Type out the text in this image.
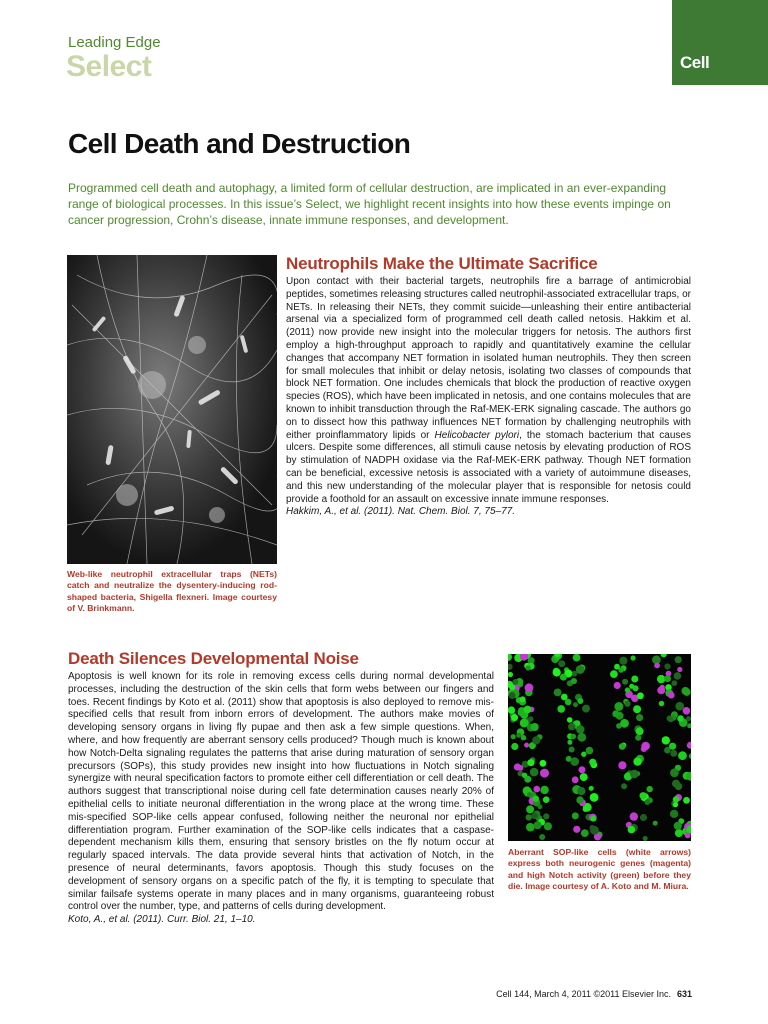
Leading Edge
Select	Cell
Cell Death and Destruction
Programmed cell death and autophagy, a limited form of cellular destruction, are implicated in an ever-expanding range of biological processes. In this issue’s Select, we highlight recent insights into how these events impinge on cancer progression, Crohn’s disease, innate immune responses, and development.
Web-like neutrophil extracellular traps (NETs) catch and neutralize the dysentery-inducing rod-shaped bacteria, Shigella flexneri. Image courtesy of V. Brinkmann.
Neutrophils Make the Ultimate Sacrifice

Upon contact with their bacterial targets, neutrophils fire a barrage of antimicrobial peptides, sometimes releasing structures called neutrophil-associated extracellular traps, or NETs. In releasing their NETs, they commit suicide—unleashing their entire antibacterial arsenal via a specialized form of programmed cell death called netosis. Hakkim et al. (2011) now provide new insight into the molecular triggers for netosis. The authors first employ a high-throughput approach to rapidly and quantitatively examine the cellular changes that accompany NET formation in isolated human neutrophils. They then screen for small molecules that inhibit or delay netosis, isolating two classes of compounds that block NET formation. One includes chemicals that block the production of reactive oxygen species (ROS), which have been implicated in netosis, and one contains molecules that are known to inhibit transduction through the Raf-MEK-ERK signaling cascade. The authors go on to dissect how this pathway influences NET formation by challenging neutrophils with either proinflammatory lipids or Helicobacter pylori, the stomach bacterium that causes ulcers. Despite some differences, all stimuli cause netosis by elevating production of ROS by stimulation of NADPH oxidase via the Raf-MEK-ERK pathway. Though NET formation can be beneficial, excessive netosis is associated with a variety of autoimmune diseases, and this new understanding of the molecular player that is responsible for netosis could provide a foothold for an assault on excessive innate immune responses.

Hakkim, A., et al. (2011). Nat. Chem. Biol. 7, 75–77.

Death Silences Developmental Noise

Apoptosis is well known for its role in removing excess cells during normal developmental processes, including the destruction of the skin cells that form webs between our fingers and toes. Recent findings by Koto et al. (2011) show that apoptosis is also deployed to remove mis-specified cells that result from inborn errors of development. The authors make movies of developing sensory organs in living fly pupae and then ask a few simple questions. When, where, and how frequently are aberrant sensory cells produced? Though much is known about how Notch-Delta signaling regulates the patterns that arise during maturation of sensory organ precursors (SOPs), this study provides new insight into how fluctuations in Notch signaling synergize with neural specification factors to promote either cell differentiation or cell death. The authors suggest that transcriptional noise during cell fate determination causes nearly 20% of epithelial cells to initiate neuronal differentiation in the wrong place at the wrong time. These mis-specified SOP-like cells appear confused, following neither the neuronal nor epithelial differentiation program. Further examination of the SOP-like cells indicates that a caspase-dependent mechanism kills them, ensuring that sensory bristles on the fly notum occur at regularly spaced intervals. The data provide several hints that activation of Notch, in the presence of neural determinants, favors apoptosis. Though this study focuses on the development of sensory organs on a specific patch of the fly, it is tempting to speculate that similar failsafe systems operate in many places and in many organisms, guaranteeing robust control over the number, type, and patterns of cells during development.

Koto, A., et al. (2011). Curr. Biol. 21, 1–10.

Aberrant SOP-like cells (white arrows) express both neurogenic genes (magenta) and high Notch activity (green) before they die. Image courtesy of A. Koto and M. Miura.
Cell 144, March 4, 2011 ©2011 Elsevier Inc. 631
